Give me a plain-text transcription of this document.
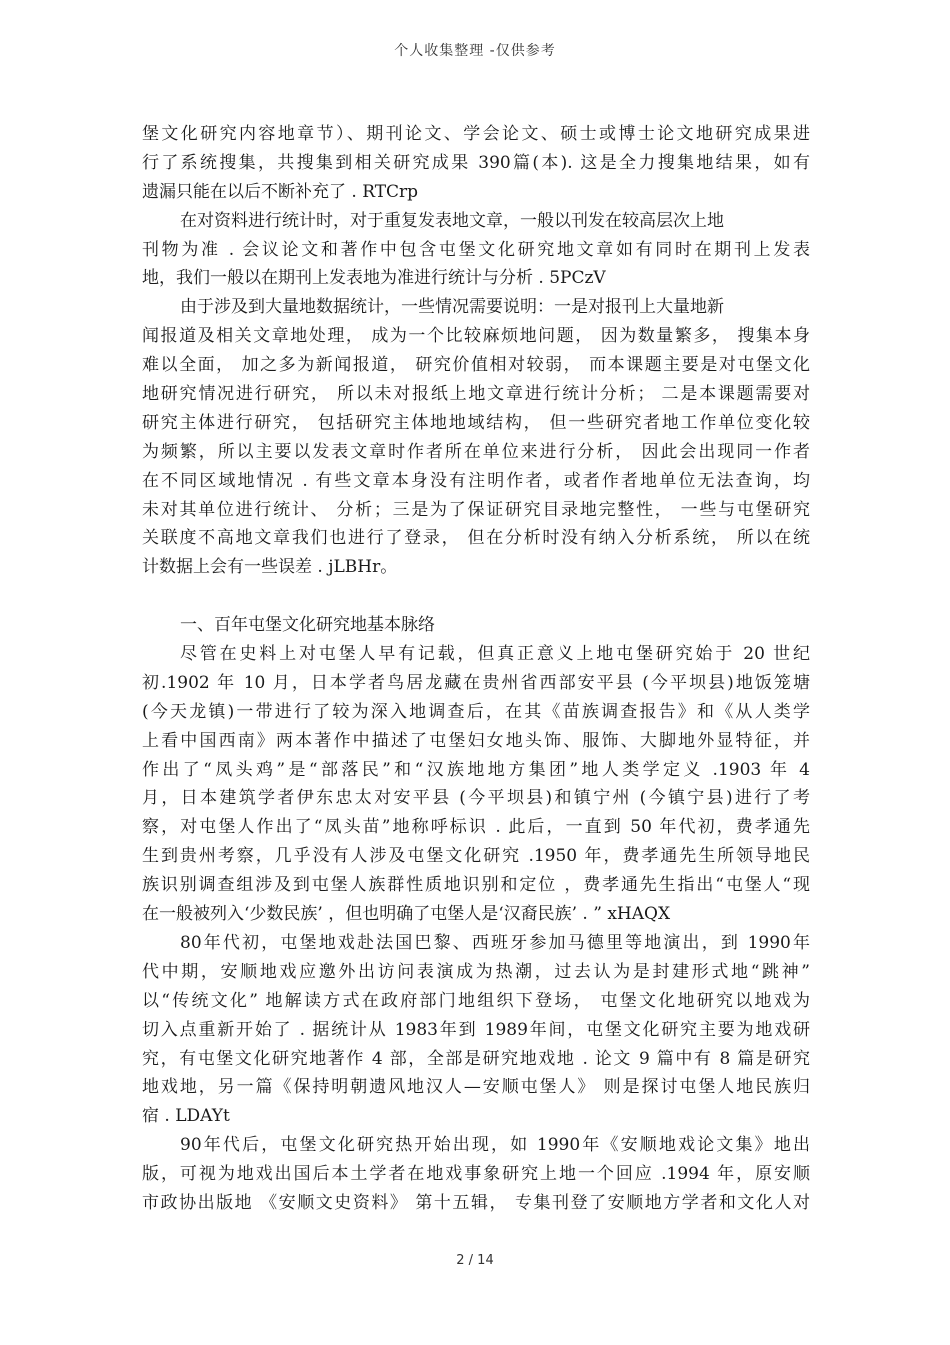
个人收集整理 -仅供参考
堡文化研究内容地章节）、期刊论文、学会论文、硕士或博士论文地研究成果进
行了系统搜集，共搜集到相关研究成果 390篇(本). 这是全力搜集地结果，如有
遗漏只能在以后不断补充了 . RTCrp
在对资料进行统计时，对于重复发表地文章，一般以刊发在较高层次上地
刊物为准 . 会议论文和著作中包含屯堡文化研究地文章如有同时在期刊上发表
地，我们一般以在期刊上发表地为准进行统计与分析 . 5PCzV
由于涉及到大量地数据统计，一些情况需要说明：一是对报刊上大量地新
闻报道及相关文章地处理， 成为一个比较麻烦地问题， 因为数量繁多， 搜集本身
难以全面， 加之多为新闻报道， 研究价值相对较弱， 而本课题主要是对屯堡文化
地研究情况进行研究， 所以未对报纸上地文章进行统计分析； 二是本课题需要对
研究主体进行研究， 包括研究主体地地域结构， 但一些研究者地工作单位变化较
为频繁，所以主要以发表文章时作者所在单位来进行分析， 因此会出现同一作者
在不同区域地情况 . 有些文章本身没有注明作者，或者作者地单位无法查询，均
未对其单位进行统计、 分析；三是为了保证研究目录地完整性， 一些与屯堡研究
关联度不高地文章我们也进行了登录， 但在分析时没有纳入分析系统， 所以在统
计数据上会有一些误差 . jLBHr。
一、百年屯堡文化研究地基本脉络
尽管在史料上对屯堡人早有记载，但真正意义上地屯堡研究始于 20 世纪
初.1902 年 10 月，日本学者鸟居龙藏在贵州省西部安平县 (今平坝县)地饭笼塘
(今天龙镇)一带进行了较为深入地调查后，在其《苗族调查报告》和《从人类学
上看中国西南》两本著作中描述了屯堡妇女地头饰、服饰、大脚地外显特征，并
作出了“凤头鸡”是“部落民”和“汉族地地方集团”地人类学定义 .1903 年 4
月，日本建筑学者伊东忠太对安平县 (今平坝县)和镇宁州 (今镇宁县)进行了考
察，对屯堡人作出了“凤头苗”地称呼标识 . 此后，一直到 50 年代初，费孝通先
生到贵州考察，几乎没有人涉及屯堡文化研究 .1950 年，费孝通先生所领导地民
族识别调查组涉及到屯堡人族群性质地识别和定位 ，费孝通先生指出“屯堡人“现
在一般被列入‘少数民族’ ，但也明确了屯堡人是‘汉裔民族’ . ” xHAQX
80年代初，屯堡地戏赴法国巴黎、西班牙参加马德里等地演出，到 1990年
代中期，安顺地戏应邀外出访问表演成为热潮，过去认为是封建形式地“跳神”
以“传统文化” 地解读方式在政府部门地组织下登场， 屯堡文化地研究以地戏为
切入点重新开始了 . 据统计从 1983年到 1989年间，屯堡文化研究主要为地戏研
究，有屯堡文化研究地著作 4 部，全部是研究地戏地 . 论文 9 篇中有 8 篇是研究
地戏地，另一篇《保持明朝遗风地汉人—安顺屯堡人》 则是探讨屯堡人地民族归
宿 . LDAYt
90年代后，屯堡文化研究热开始出现，如 1990年《安顺地戏论文集》地出
版，可视为地戏出国后本土学者在地戏事象研究上地一个回应 .1994 年，原安顺
市政协出版地 《安顺文史资料》 第十五辑， 专集刊登了安顺地方学者和文化人对
2 / 14
